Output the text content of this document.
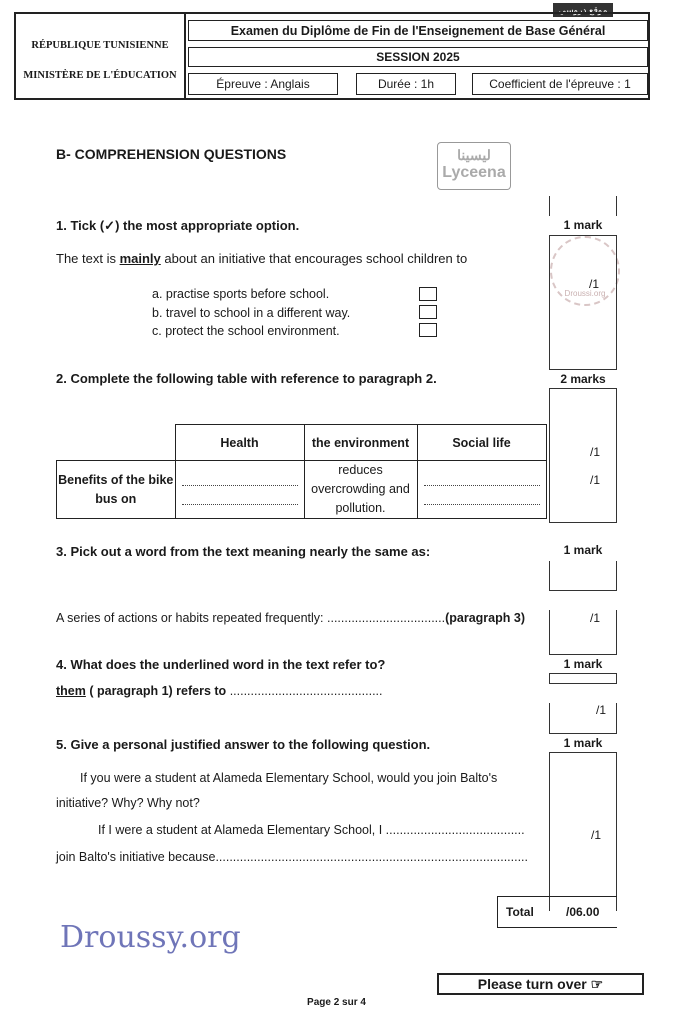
موقع دروسي
RÉPUBLIQUE TUNISIENNE
MINISTÈRE DE L'ÉDUCATION
Examen du Diplôme de Fin de l'Enseignement de Base Général
SESSION 2025
Épreuve : Anglais	Durée : 1h	Coefficient de l'épreuve : 1
B- COMPREHENSION QUESTIONS	ليسينا
Lyceena
Droussi.org
1. Tick (✓) the most appropriate option.	1 mark
The text is mainly about an initiative that encourages school children to
a. practise sports before school.
b. travel to school in a different way.
c. protect the school environment.
/1
2. Complete the following table with reference to paragraph 2.	2 marks
	Health	the environment	Social life
Benefits of the bike bus on		reduces overcrowding and pollution.	
/1
/1
3. Pick out a word from the text meaning nearly the same as:	1 mark
A series of actions or habits repeated frequently: ..................................(paragraph 3)	/1
4. What does the underlined word in the text refer to?	1 mark
them ( paragraph 1) refers to ............................................
/1
5. Give a personal justified answer to the following question.	1 mark
If you were a student at Alameda Elementary School, would you join Balto's
initiative? Why? Why not?
If I were a student at Alameda Elementary School, I ........................................
join Balto's initiative because..........................................................................................
/1
Total	/06.00
Droussy.org
Please turn over ☞
Page 2 sur 4
